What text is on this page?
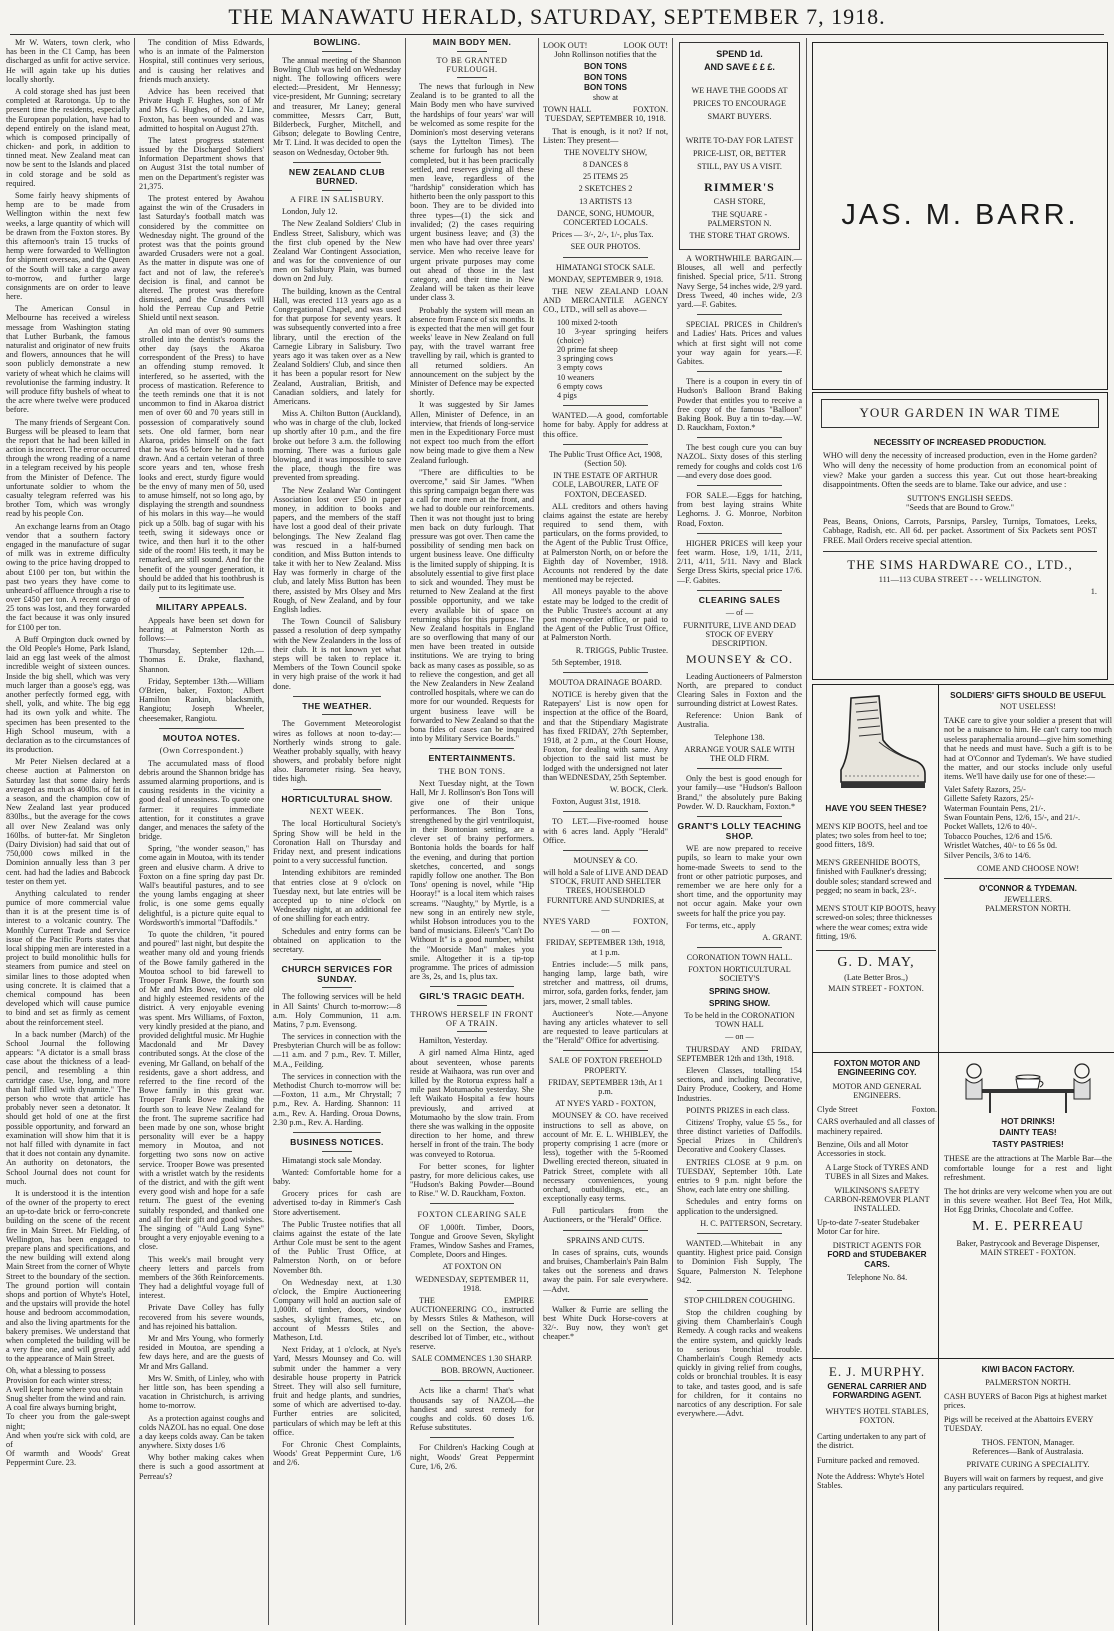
THE MANAWATU HERALD, SATURDAY, SEPTEMBER 7, 1918.

Mr W. Waters, town clerk, who has been in the C1 Camp, has been discharged as unfit for active service. He will again take up his duties locally shortly.

A cold storage shed has just been completed at Rarotonga. Up to the present time the residents, especially the European population, have had to depend entirely on the island meat, which is composed principally of chicken- and pork, in addition to tinned meat. New Zealand meat can now be sent to the Islands and placed in cold storage and be sold as required.

Some fairly heavy shipments of hemp are to be made from Wellington within the next few weeks, a large quantity of which will be drawn from the Foxton stores. By this afternoon's train 15 trucks of hemp were forwarded to Wellington for shipment overseas, and the Queen of the South will take a cargo away to-morrow, and further large consignments are on order to leave here.

The American Consul in Melbourne has received a wireless message from Washington stating that Luther Burbank, the famous naturalist and originator of new fruits and flowers, announces that he will soon publicly demonstrate a new variety of wheat which he claims will revolutionise the farming industry. It will produce fifty bushels of wheat to the acre where twelve were produced before.

The many friends of Sergeant Con. Burgess will be pleased to learn that the report that he had been killed in action is incorrect. The error occurred through the wrong reading of a name in a telegram received by his people from the Minister of Defence. The unfortunate soldier to whom the casualty telegram referred was his brother Tom, which was wrongly read by his people Con.

An exchange learns from an Otago vendor that a southern factory engaged in the manufacture of sugar of milk was in extreme difficulty owing to the price having dropped to about £100 per ton, but within the past two years they have come to unheard-of affluence through a rise to over £450 per ton. A recent cargo of 25 tons was lost, and they forwarded the fact because it was only insured for £100 per ton.

A Buff Orpington duck owned by the Old People's Home, Park Island, laid an egg last week of the almost incredible weight of sixteen ounces. Inside the big shell, which was very much larger than a goose's egg, was another perfectly formed egg, with shell, yolk, and white. The big egg had its own yolk and white. The specimen has been presented to the High School museum, with a declaration as to the circumstances of its production.

Mr Peter Nielsen declared at a cheese auction at Palmerston on Saturday last that some dairy herds averaged as much as 400lbs. of fat in a season, and the champion cow of New Zealand last year produced 830lbs., but the average for the cows all over New Zealand was only 160lbs. of butter-fat. Mr Singleton (Dairy Division) had said that out of 750,000 cows milked in the Dominion annually less than 3 per cent. had had the ladies and Babcock tester on them yet.

Anything calculated to render pumice of more commercial value than it is at the present time is of interest to a volcanic country. The Monthly Current Trade and Service issue of the Pacific Ports states that local shipping men are interested in a project to build monolithic hulls for steamers from pumice and steel on similar lines to those adopted when using concrete. It is claimed that a chemical compound has been developed which will cause pumice to bind and set as firmly as cement about the reinforcement steel.

In a back number (March) of the School Journal the following appears: "A dictator is a small brass case about the thickness of a lead-pencil, and resembling a thin cartridge case. Use, long, and more than half filled with dynamite." The person who wrote that article has probably never seen a detonator. It should get hold of one at the first possible opportunity, and forward an examination will show him that it is not half filled with dynamite in fact that it does not contain any dynamite. An authority on detonators, the School Journal does not count for much.

It is understood it is the intention of the owner of the property to erect an up-to-date brick or ferro-concrete building on the scene of the recent fire in Main Street. Mr Fielding, of Wellington, has been engaged to prepare plans and specifications, and the new building will extend along Main Street from the corner of Whyte Street to the boundary of the section. The ground portion will contain shops and portion of Whyte's Hotel, and the upstairs will provide the hotel house and bedroom accommodation, and also the living apartments for the bakery premises. We understand that when completed the building will be a very fine one, and will greatly add to the appearance of Main Street.

Oh, what a blessing to possess
Provision for each winter stress;
A well kept home where you obtain
Snug shelter from the wind and rain.
A coal fire always burning bright,
To cheer you from the gale-swept night;
And when you're sick with cold, are of
Of warmth and Woods' Great Peppermint Cure. 23.

The condition of Miss Edwards, who is an inmate of the Palmerston Hospital, still continues very serious, and is causing her relatives and friends much anxiety.

Advice has been received that Private Hugh F. Hughes, son of Mr and Mrs G. Hughes, of No. 2 Line, Foxton, has been wounded and was admitted to hospital on August 27th.

The latest progress statement issued by the Discharged Soldiers' Information Department shows that on August 31st the total number of men on the Department's register was 21,375.

The protest entered by Awahou against the win of the Crusaders in last Saturday's football match was considered by the committee on Wednesday night. The ground of the protest was that the points ground awarded Crusaders were not a goal. As the matter in dispute was one of fact and not of law, the referee's decision is final, and cannot be altered. The protest was therefore dismissed, and the Crusaders will hold the Perreau Cup and Petrie Shield until next season.

An old man of over 90 summers strolled into the dentist's rooms the other day (says the Akaroa correspondent of the Press) to have an offending stump removed. It interfered, so he asserted, with the process of mastication. Reference to the teeth reminds one that it is not uncommon to find in Akaroa district men of over 60 and 70 years still in possession of comparatively sound sets. One old farmer, born near Akaroa, prides himself on the fact that he was 65 before he had a tooth drawn. And a certain veteran of three score years and ten, whose fresh looks and erect, sturdy figure would be the envy of many men of 50, used to amuse himself, not so long ago, by displaying the strength and soundness of his molars in this way—he would pick up a 50lb. bag of sugar with his teeth, swing it sideways once or twice, and then hurl it to the other side of the room! His teeth, it may be remarked, are still sound. And for the benefit of the younger generation, it should be added that his toothbrush is daily put to its legitimate use.

MILITARY APPEALS.

Appeals have been set down for hearing at Palmerston North as follows:—

Thursday, September 12th.—Thomas E. Drake, flaxhand, Shannon.

Friday, September 13th.—William O'Brien, baker, Foxton; Albert Hamilton Rankin, blacksmith, Rangiotu; Joseph Wheeler, cheesemaker, Rangiotu.

MOUTOA NOTES.

(Own Correspondent.)

The accumulated mass of flood debris around the Shannon bridge has assumed alarming proportions, and is causing residents in the vicinity a good deal of uneasiness. To quote one farmer: it requires immediate attention, for it constitutes a grave danger, and menaces the safety of the bridge.

Spring, "the wonder season," has come again in Moutoa, with its tender green and elusive charm. A drive to Foxton on a fine spring day past Dr. Wall's beautiful pastures, and to see the young lambs engaging at sheer frolic, is one some gems equally delightful, is a picture quite equal to Wordsworth's immortal "Daffodils."

To quote the children, "it poured and poured" last night, but despite the weather many old and young friends of the Bowe family gathered in the Moutoa school to bid farewell to Trooper Frank Bowe, the fourth son of Mr and Mrs Bowe, who are old and highly esteemed residents of the district. A very enjoyable evening was spent. Mrs Williams, of Foxton, very kindly presided at the piano, and provided delightful music. Mr Hughie Macdonald and Mr Davey contributed songs. At the close of the evening, Mr Galland, on behalf of the residents, gave a short address, and referred to the fine record of the Bowe family in this great war. Trooper Frank Bowe making the fourth son to leave New Zealand for the front. The supreme sacrifice had been made by one son, whose bright personality will ever be a happy memory in Moutoa, and not forgetting two sons now on active service. Trooper Bowe was presented with a wristlet watch by the residents of the district, and with the gift went every good wish and hope for a safe return. The guest of the evening suitably responded, and thanked one and all for their gift and good wishes. The singing of "Auld Lang Syne" brought a very enjoyable evening to a close.

This week's mail brought very cheery letters and parcels from members of the 36th Reinforcements. They had a delightful voyage full of interest.

Private Dave Colley has fully recovered from his severe wounds, and has rejoined his battalion.

Mr and Mrs Young, who formerly resided in Moutoa, are spending a few days here, and are the guests of Mr and Mrs Galland.

Mrs W. Smith, of Linley, who with her little son, has been spending a vacation in Christchurch, is arriving home to-morrow.

As a protection against coughs and colds NAZOL has no equal. One dose a day keeps colds away. Can be taken anywhere. Sixty doses 1/6

Why bother making cakes when there is such a good assortment at Perreau's?

BOWLING.

The annual meeting of the Shannon Bowling Club was held on Wednesday night. The following officers were elected:—President, Mr Hennessy; vice-president, Mr Gunning; secretary and treasurer, Mr Laney; general committee, Messrs Carr, Butt, Bilderbeck, Furgher, Mitchell, and Gibson; delegate to Bowling Centre, Mr T. Lind. It was decided to open the season on Wednesday, October 9th.

NEW ZEALAND CLUB BURNED.

A FIRE IN SALISBURY.

London, July 12.

The New Zealand Soldiers' Club in Endless Street, Salisbury, which was the first club opened by the New Zealand War Contingent Association, and was for the convenience of our men on Salisbury Plain, was burned down on 2nd July.

The building, known as the Central Hall, was erected 113 years ago as a Congregational Chapel, and was used for that purpose for seventy years. It was subsequently converted into a free library, until the erection of the Carnegie Library in Salisbury. Two years ago it was taken over as a New Zealand Soldiers' Club, and since then it has been a popular resort for New Zealand, Australian, British, and Canadian soldiers, and lately for Americans.

Miss A. Chilton Button (Auckland), who was in charge of the club, locked up shortly after 10 p.m., and the fire broke out before 3 a.m. the following morning. There was a furious gale blowing, and it was impossible to save the place, though the fire was prevented from spreading.

The New Zealand War Contingent Association lost over £50 in paper money, in addition to books and papers, and the members of the staff have lost a good deal of their private belongings. The New Zealand flag was rescued in a half-burned condition, and Miss Button intends to take it with her to New Zealand. Miss Hay was formerly in charge of the club, and lately Miss Button has been there, assisted by Mrs Olsey and Mrs Rough, of New Zealand, and by four English ladies.

The Town Council of Salisbury passed a resolution of deep sympathy with the New Zealanders in the loss of their club. It is not known yet what steps will be taken to replace it. Members of the Town Council spoke in very high praise of the work it had done.

THE WEATHER.

The Government Meteorologist wires as follows at noon to-day:—Northerly winds strong to gale. Weather probably squally, with heavy showers, and probably before night also. Barometer rising. Sea heavy, tides high.

HORTICULTURAL SHOW.

NEXT WEEK.

The local Horticultural Society's Spring Show will be held in the Coronation Hall on Thursday and Friday next, and present indications point to a very successful function.

Intending exhibitors are reminded that entries close at 9 o'clock on Tuesday next, but late entries will be accepted up to nine o'clock on Wednesday night, at an additional fee of one shilling for each entry.

Schedules and entry forms can be obtained on application to the secretary.

CHURCH SERVICES FOR SUNDAY.

The following services will be held in All Saints' Church to-morrow:—8 a.m. Holy Communion, 11 a.m. Matins, 7 p.m. Evensong.

The services in connection with the Presbyterian Church will be as follow:—11 a.m. and 7 p.m., Rev. T. Miller, M.A., Feilding.

The services in connection with the Methodist Church to-morrow will be:—Foxton, 11 a.m., Mr Chrystall; 7 p.m., Rev. A. Harding. Shannon: 11 a.m., Rev. A. Harding. Oroua Downs, 2.30 p.m., Rev. A. Harding.

BUSINESS NOTICES.

Himatangi stock sale Monday.

Wanted: Comfortable home for a baby.

Grocery prices for cash are advertised to-day in Rimmer's Cash Store advertisement.

The Public Trustee notifies that all claims against the estate of the late Arthur Cole must be sent to the agent of the Public Trust Office, at Palmerston North, on or before November 8th.

On Wednesday next, at 1.30 o'clock, the Empire Auctioneering Company will hold an auction sale of 1,000ft. of timber, doors, window sashes, skylight frames, etc., on account of Messrs Stiles and Matheson, Ltd.

Next Friday, at 1 o'clock, at Nye's Yard, Messrs Mounsey and Co. will submit under the hammer a very desirable house property in Patrick Street. They will also sell furniture, fruit and hedge plants, and sundries, some of which are advertised to-day. Further entries are solicited, particulars of which may be left at this office.

For Chronic Chest Complaints, Woods' Great Peppermint Cure, 1/6 and 2/6.

MAIN BODY MEN.

TO BE GRANTED FURLOUGH.

The news that furlough in New Zealand is to be granted to all the Main Body men who have survived the hardships of four years' war will be welcomed as some respite for the Dominion's most deserving veterans (says the Lyttelton Times). The scheme for furlough has not been completed, but it has been practically settled, and reserves giving all these men leave, regardless of the "hardship" consideration which has hitherto been the only passport to this boon. They are to be divided into three types—(1) the sick and invalided; (2) the cases requiring urgent business leave; and (3) the men who have had over three years' service. Men who receive leave for urgent private purposes may come out ahead of those in the last category, and their time in New Zealand will be taken as their leave under class 3.

Probably the system will mean an absence from France of six months. It is expected that the men will get four weeks' leave in New Zealand on full pay, with the travel warrant free travelling by rail, which is granted to all returned soldiers. An announcement on the subject by the Minister of Defence may be expected shortly.

It was suggested by Sir James Allen, Minister of Defence, in an interview, that friends of long-service men in the Expeditionary Force must not expect too much from the effort now being made to give them a New Zealand furlough.

"There are difficulties to be overcome," said Sir James. "When this spring campaign began there was a call for more men at the front, and we had to double our reinforcements. Then it was not thought just to bring men back on duty furlough. That pressure was got over. Then came the possibility of sending men back on urgent business leave. One difficulty is the limited supply of shipping. It is absolutely essential to give first place to sick and wounded. They must be returned to New Zealand at the first possible opportunity, and we take every available bit of space on returning ships for this purpose. The New Zealand hospitals in England are so overflowing that many of our men have been treated in outside institutions. We are trying to bring back as many cases as possible, so as to relieve the congestion, and get all the New Zealanders in New Zealand controlled hospitals, where we can do more for our wounded. Requests for urgent business leave will be forwarded to New Zealand so that the bona fides of cases can be inquired into by Military Service Boards."

ENTERTAINMENTS.

THE BON TONS.

Next Tuesday night, at the Town Hall, Mr J. Rollinson's Bon Tons will give one of their unique performances. The Bon Tons, strengthened by the girl ventriloquist, in their Bontonian setting, are a clever set of brainy performers. Bontonia holds the boards for half the evening, and during that portion sketches, concerted, and songs rapidly follow one another. The Bon Tons' opening is novel, while "Hip Hooray!" is a local item which raises screams. "Naughty," by Myrtle, is a new song in an entirely new style, whilst Hobson introduces you to the band of musicians. Eileen's "Can't Do Without It" is a good number, whilst the "Moorside Man" makes you smile. Altogether it is a tip-top programme. The prices of admission are 3s, 2s, and 1s, plus tax.

GIRL'S TRAGIC DEATH.

THROWS HERSELF IN FRONT OF A TRAIN.

Hamilton, Yesterday.

A girl named Alma Hintz, aged about seventeen, whose parents reside at Waihaora, was run over and killed by the Rotorua express half a mile past Motumaoho yesterday. She left Waikato Hospital a few hours previously, and arrived at Motumaoho by the slow train. From there she was walking in the opposite direction to her home, and threw herself in front of the train. The body was conveyed to Rotorua.

For better scones, for lighter pastry, for more delicious cakes, use "Hudson's Baking Powder—Bound to Rise." W. D. Rauckham, Foxton.

FOXTON CLEARING SALE

OF 1,000ft. Timber, Doors, Tongue and Groove Seven, Skylight Frames, Window Sashes and Frames, Complete, Doors and Hinges.

AT FOXTON ON

WEDNESDAY, SEPTEMBER 11, 1918.

THE EMPIRE AUCTIONEERING CO., instructed by Messrs Stiles & Matheson, will sell on the Section, the above-described lot of Timber, etc., without reserve.

SALE COMMENCES 1.30 SHARP.

BOB. BROWN, Auctioneer.

Acts like a charm! That's what thousands say of NAZOL—the handiest and surest remedy for coughs and colds. 60 doses 1/6. Refuse substitutes.

For Children's Hacking Cough at night, Woods' Great Peppermint Cure, 1/6, 2/6.

LOOK OUT!	LOOK OUT!

John Rollinson notifies that the

BON TONS

BON TONS

BON TONS

show at

TOWN HALL	FOXTON.

TUESDAY, SEPTEMBER 10, 1918.

That is enough, is it not? If not, Listen: They present—

THE NOVELTY SHOW,

8 DANCES 8

25 ITEMS 25

2 SKETCHES 2

13 ARTISTS 13

DANCE, SONG, HUMOUR, CONCERTED LOCALS.

Prices — 3/-, 2/-, 1/-, plus Tax.

SEE OUR PHOTOS.

HIMATANGI STOCK SALE.

MONDAY, SEPTEMBER 9, 1918.

THE NEW ZEALAND LOAN AND MERCANTILE AGENCY CO., LTD., will sell as above—

100 mixed 2-tooth

10 3-year springing heifers (choice)

20 prime fat sheep

3 springing cows

3 empty cows

10 weaners

6 empty cows

4 pigs

WANTED.—A good, comfortable home for baby. Apply for address at this office.

The Public Trust Office Act, 1908, (Section 50).

IN THE ESTATE OF ARTHUR COLE, LABOURER, LATE OF FOXTON, DECEASED.

ALL creditors and others having claims against the estate are hereby required to send them, with particulars, on the forms provided, to the Agent of the Public Trust Office, at Palmerston North, on or before the Eighth day of November, 1918. Accounts not rendered by the date mentioned may be rejected.

All moneys payable to the above estate may be lodged to the credit of the Public Trustee's account at any post money-order office, or paid to the Agent of the Public Trust Office, at Palmerston North.

R. TRIGGS, Public Trustee.

5th September, 1918.

MOUTOA DRAINAGE BOARD.

NOTICE is hereby given that the Ratepayers' List is now open for inspection at the office of the Board, and that the Stipendiary Magistrate has fixed FRIDAY, 27th September, 1918, at 2 p.m., at the Court House, Foxton, for dealing with same. Any objection to the said list must be lodged with the undersigned not later than WEDNESDAY, 25th September.

W. BOCK, Clerk.

Foxton, August 31st, 1918.

TO LET.—Five-roomed house with 6 acres land. Apply "Herald" Office.

MOUNSEY & CO.

will hold a Sale of LIVE AND DEAD STOCK, FRUIT AND SHELTER TREES, HOUSEHOLD FURNITURE AND SUNDRIES, at —

NYE'S YARD	FOXTON,

— on —

FRIDAY, SEPTEMBER 13th, 1918, at 1 p.m.

Entries include:—5 milk pans, hanging lamp, large bath, wire stretcher and mattress, oil drums, mirror, sofa, garden forks, fender, jam jars, mower, 2 small tables.

Auctioneer's Note.—Anyone having any articles whatever to sell are requested to leave particulars at the "Herald" Office for advertising.

SALE OF FOXTON FREEHOLD PROPERTY.

FRIDAY, SEPTEMBER 13th, At 1 p.m.

AT NYE'S YARD - FOXTON,

MOUNSEY & CO. have received instructions to sell as above, on account of Mr. E. L. WHIBLEY, the property comprising 1 acre (more or less), together with the 5-Roomed Dwelling erected thereon, situated in Patrick Street, complete with all necessary conveniences, young orchard, outbuildings, etc., an exceptionally easy terms.

Full particulars from the Auctioneers, or the "Herald" Office.

SPRAINS AND CUTS.

In cases of sprains, cuts, wounds and bruises, Chamberlain's Pain Balm takes out the soreness and draws away the pain. For sale everywhere.—Advt.

Walker & Furrie are selling the best White Duck Horse-covers at 32/-. Buy now, they won't get cheaper.*

SPEND 1d.

AND SAVE £ £ £.

WE HAVE THE GOODS AT PRICES TO ENCOURAGE SMART BUYERS.

WRITE TO-DAY FOR LATEST PRICE-LIST, OR, BETTER STILL, PAY US A VISIT.

RIMMER'S

CASH STORE,

THE SQUARE - PALMERSTON N.

THE STORE THAT GROWS.

A WORTHWHILE BARGAIN.—Blouses, all well and perfectly finished. Special price, 5/11. Strong Navy Serge, 54 inches wide, 2/9 yard. Dress Tweed, 40 inches wide, 2/3 yard.—F. Gabites.

SPECIAL PRICES in Children's and Ladies' Hats. Prices and values which at first sight will not come your way again for years.—F. Gabites.

There is a coupon in every tin of Hudson's Balloon Brand Baking Powder that entitles you to receive a free copy of the famous "Balloon" Baking Book. Buy a tin to-day.—W. D. Rauckham, Foxton.*

The best cough cure you can buy NAZOL. Sixty doses of this sterling remedy for coughs and colds cost 1/6—and every dose does good.

FOR SALE.—Eggs for hatching, from best laying strains White Leghorns. J. G. Monroe, Norbiton Road, Foxton.

HIGHER PRICES will keep your feet warm. Hose, 1/9, 1/11, 2/11, 2/11, 4/11, 5/11. Navy and Black Serge Dress Skirts, special price 17/6.—F. Gabites.

CLEARING SALES

— of —

FURNITURE, LIVE AND DEAD STOCK OF EVERY DESCRIPTION.

MOUNSEY & CO.

Leading Auctioneers of Palmerston North, are prepared to conduct Clearing Sales in Foxton and the surrounding district at Lowest Rates.

Reference: Union Bank of Australia.

Telephone 138.

ARRANGE YOUR SALE WITH THE OLD FIRM.

Only the best is good enough for your family—use "Hudson's Balloon Brand," the absolutely pure Baking Powder. W. D. Rauckham, Foxton.*

GRANT'S LOLLY TEACHING SHOP.

WE are now prepared to receive pupils, so learn to make your own home-made Sweets to send to the front or other patriotic purposes, and remember we are here only for a short time, and the opportunity may not occur again. Make your own sweets for half the price you pay.

For terms, etc., apply

A. GRANT.

CORONATION TOWN HALL.

FOXTON HORTICULTURAL SOCIETY'S

SPRING SHOW.

SPRING SHOW.

To be held in the CORONATION TOWN HALL

— on —

THURSDAY AND FRIDAY, SEPTEMBER 12th and 13th, 1918.

Eleven Classes, totalling 154 sections, and including Decorative, Dairy Produce, Cookery, and Home Industries.

POINTS PRIZES in each class.

Citizens' Trophy, value £5 5s., for three distinct varieties of Daffodils. Special Prizes in Children's Decorative and Cookery Classes.

ENTRIES CLOSE at 9 p.m. on TUESDAY, September 10th. Late entries to 9 p.m. night before the Show, each late entry one shilling.

Schedules and entry forms on application to the undersigned.

H. C. PATTERSON, Secretary.

WANTED.—Whitebait in any quantity. Highest price paid. Consign to Dominion Fish Supply, The Square, Palmerston N. Telephone 942.

STOP CHILDREN COUGHING.

Stop the children coughing by giving them Chamberlain's Cough Remedy. A cough racks and weakens the entire system, and quickly leads to serious bronchial trouble. Chamberlain's Cough Remedy acts quickly in giving relief from coughs, colds or bronchial troubles. It is easy to take, and tastes good, and is safe for children, for it contains no narcotics of any description. For sale everywhere.—Advt.

JAS. M. BARR.
YOUR GARDEN IN WAR TIME

NECESSITY OF INCREASED PRODUCTION.

WHO will deny the necessity of increased production, even in the Home garden? Who will deny the necessity of home production from an economical point of view? Make your garden a success this year. Cut out those heart-breaking disappointments. Often the seeds are to blame. Take our advice, and use :

SUTTON'S ENGLISH SEEDS.

"Seeds that are Bound to Grow."

Peas, Beans, Onions, Carrots, Parsnips, Parsley, Turnips, Tomatoes, Leeks, Cabbage, Radish, etc. All 6d. per packet. Assortment of Six Packets sent POST FREE. Mail Orders receive special attention.

THE SIMS HARDWARE CO., LTD.,

111—113 CUBA STREET - - - WELLINGTON.

1.

HAVE YOU SEEN THESE?

MEN'S KIP BOOTS, heel and toe plates; two soles from heel to toe; good fitters, 18/9.

MEN'S GREENHIDE BOOTS, finished with Faulkner's dressing; double soles; standard screwed and pegged; no seam in back, 23/-.

MEN'S STOUT KIP BOOTS, heavy screwed-on soles; three thicknesses where the wear comes; extra wide fitting, 19/6.

G. D. MAY,

(Late Better Bros.,)

MAIN STREET - FOXTON.

SOLDIERS' GIFTS SHOULD BE USEFUL

NOT USELESS!

TAKE care to give your soldier a present that will not be a nuisance to him. He can't carry too much useless paraphernalia around—give him something that he needs and must have. Such a gift is to be had at O'Connor and Tydeman's. We have studied the matter, and our stocks include only useful items. We'll have daily use for one of these:—

Valet Safety Razors, 25/-

Gillette Safety Razors, 25/-

Waterman Fountain Pens, 21/-.

Swan Fountain Pens, 12/6, 15/-, and 21/-.

Pocket Wallets, 12/6 to 40/-.

Tobacco Pouches, 12/6 and 15/6.

Wristlet Watches, 40/- to £6 5s 0d.

Silver Pencils, 3/6 to 14/6.

COME AND CHOOSE NOW!

O'CONNOR & TYDEMAN.

JEWELLERS.

PALMERSTON NORTH.

FOXTON MOTOR AND ENGINEERING COY.

MOTOR AND GENERAL ENGINEERS.

Clyde Street	Foxton.

CARS overhauled and all classes of machinery repaired.

Benzine, Oils and all Motor Accessories in stock.

A Large Stock of TYRES AND TUBES in all Sizes and Makes.

WILKINSON'S SAFETY CARBON-REMOVER PLANT INSTALLED.

Up-to-date 7-seater Studebaker Motor Car for hire.

DISTRICT AGENTS FOR

FORD and STUDEBAKER CARS.

Telephone No. 84.

HOT DRINKS!

DAINTY TEAS!

TASTY PASTRIES!

THESE are the attractions at The Marble Bar—the comfortable lounge for a rest and light refreshment.

The hot drinks are very welcome when you are out in this severe weather. Hot Beef Tea, Hot Milk, Hot Egg Drinks, Chocolate and Coffee.

M. E. PERREAU

Baker, Pastrycook and Beverage Dispenser,

MAIN STREET - FOXTON.

E. J. MURPHY.

GENERAL CARRIER AND FORWARDING AGENT.

WHYTE'S HOTEL STABLES, FOXTON.

Carting undertaken to any part of the district.

Furniture packed and removed.

Note the Address: Whyte's Hotel Stables.

KIWI BACON FACTORY.

PALMERSTON NORTH.

CASH BUYERS of Bacon Pigs at highest market prices.

Pigs will be received at the Abattoirs EVERY TUESDAY.

THOS. FENTON, Manager.

References—Bank of Australasia.

PRIVATE CURING A SPECIALITY.

Buyers will wait on farmers by request, and give any particulars required.
